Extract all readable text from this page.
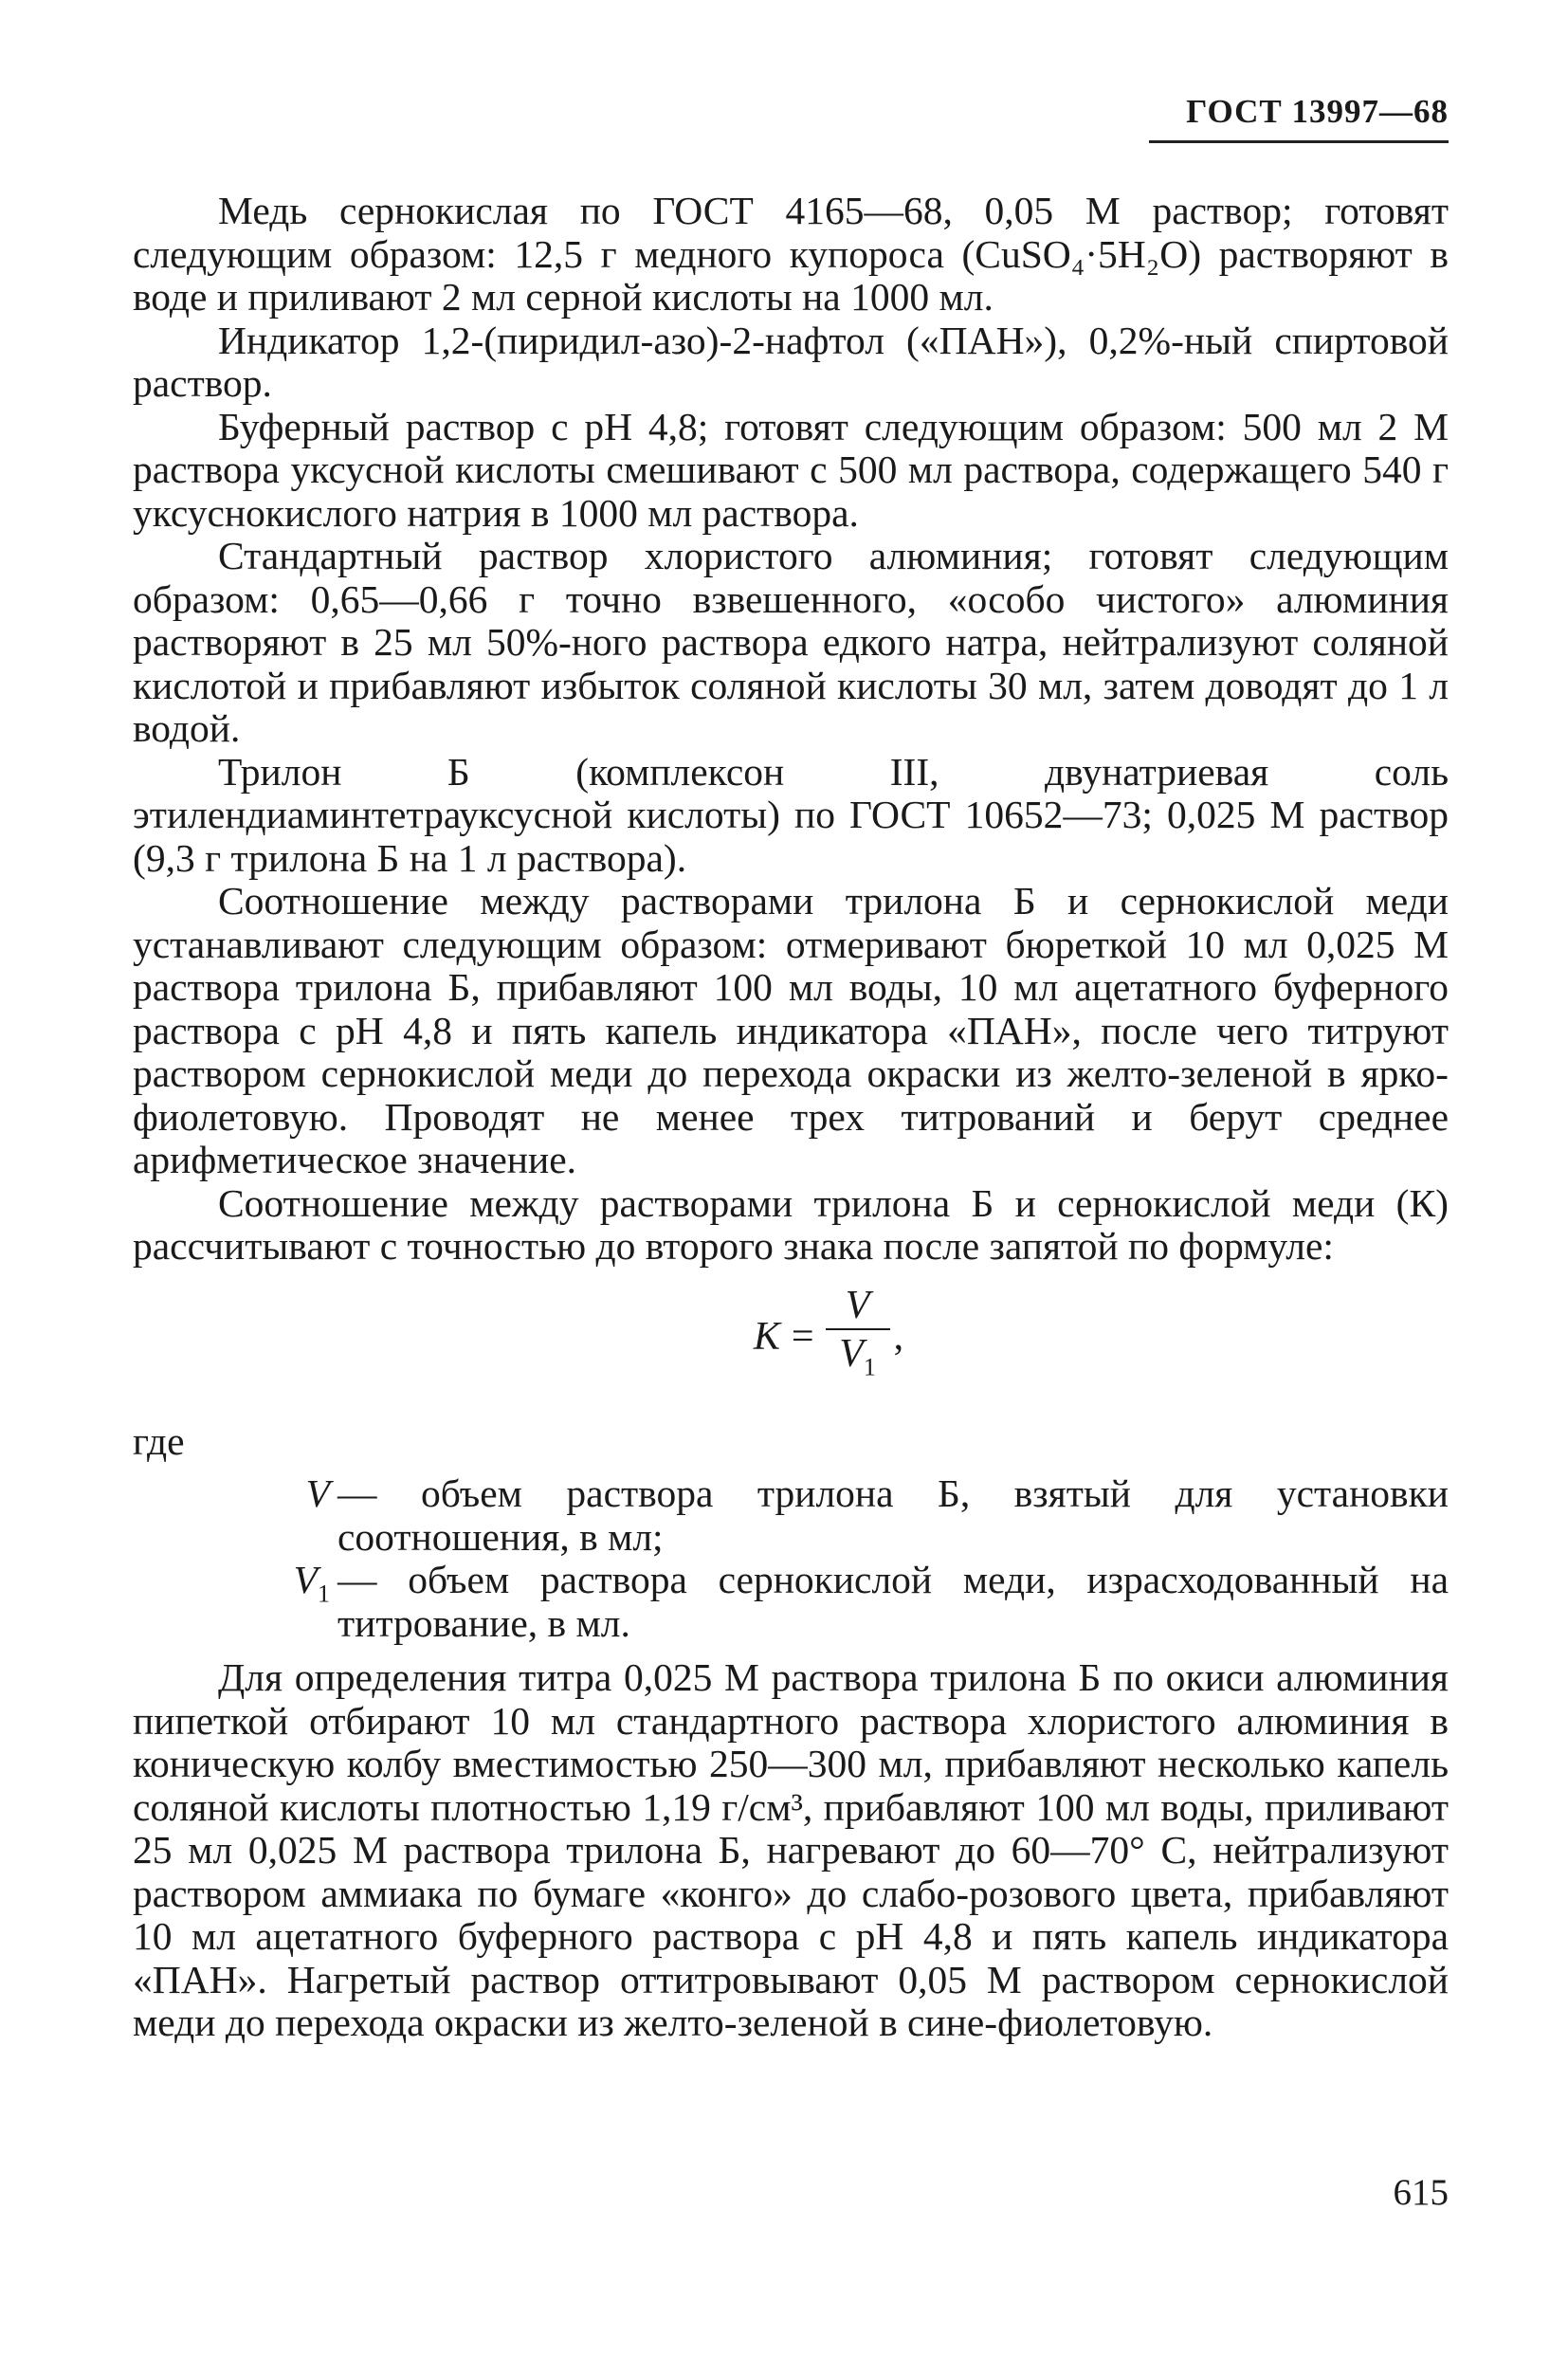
ГОСТ 13997—68

Медь сернокислая по ГОСТ 4165—68, 0,05 М раствор; готовят следующим образом: 12,5 г медного купороса (CuSO₄·5H₂O) растворяют в воде и приливают 2 мл серной кислоты на 1000 мл.

Индикатор 1,2-(пиридил-азо)-2-нафтол («ПАН»), 0,2%-ный спиртовой раствор.

Буферный раствор с рН 4,8; готовят следующим образом: 500 мл 2 М раствора уксусной кислоты смешивают с 500 мл раствора, содержащего 540 г уксуснокислого натрия в 1000 мл раствора.

Стандартный раствор хлористого алюминия; готовят следующим образом: 0,65—0,66 г точно взвешенного, «особо чистого» алюминия растворяют в 25 мл 50%-ного раствора едкого натра, нейтрализуют соляной кислотой и прибавляют избыток соляной кислоты 30 мл, затем доводят до 1 л водой.

Трилон Б (комплексон III, двунатриевая соль этилендиаминтетрауксусной кислоты) по ГОСТ 10652—73; 0,025 М раствор (9,3 г трилона Б на 1 л раствора).

Соотношение между растворами трилона Б и сернокислой меди устанавливают следующим образом: отмеривают бюреткой 10 мл 0,025 М раствора трилона Б, прибавляют 100 мл воды, 10 мл ацетатного буферного раствора с рН 4,8 и пять капель индикатора «ПАН», после чего титруют раствором сернокислой меди до перехода окраски из желто-зеленой в ярко-фиолетовую. Проводят не менее трех титрований и берут среднее арифметическое значение.

Соотношение между растворами трилона Б и сернокислой меди (К) рассчитывают с точностью до второго знака после запятой по формуле:

$K = \frac{V}{V_1}$ ,
где
V — объем раствора трилона Б, взятый для установки соотношения, в мл;
$V_1$ — объем раствора сернокислой меди, израсходованный на титрование, в мл.

Для определения титра 0,025 М раствора трилона Б по окиси алюминия пипеткой отбирают 10 мл стандартного раствора хлористого алюминия в коническую колбу вместимостью 250—300 мл, прибавляют несколько капель соляной кислоты плотностью 1,19 г/см³, прибавляют 100 мл воды, приливают 25 мл 0,025 М раствора трилона Б, нагревают до 60—70° С, нейтрализуют раствором аммиака по бумаге «конго» до слабо-розового цвета, прибавляют 10 мл ацетатного буферного раствора с рН 4,8 и пять капель индикатора «ПАН». Нагретый раствор оттитровывают 0,05 М раствором сернокислой меди до перехода окраски из желто-зеленой в сине-фиолетовую.

615
